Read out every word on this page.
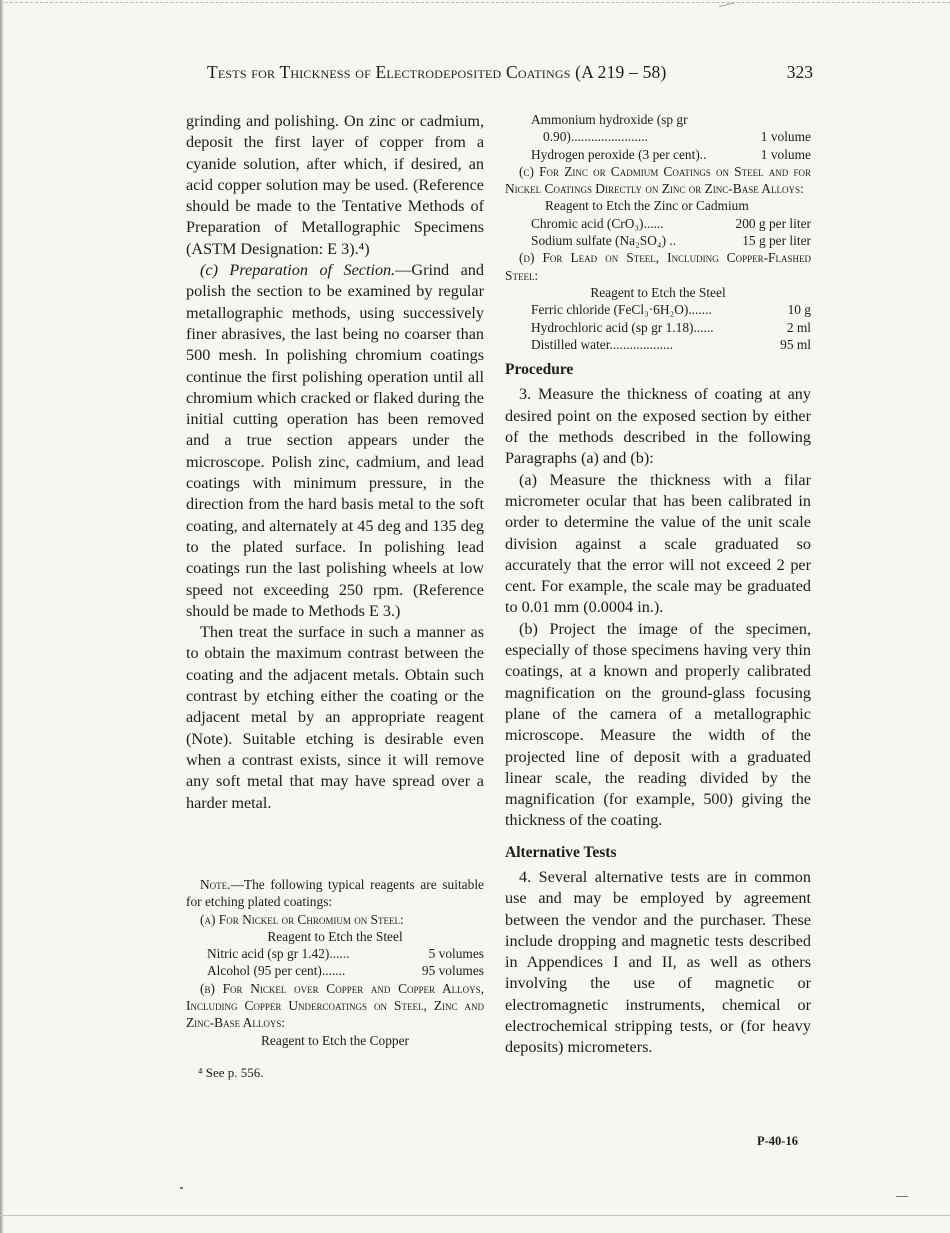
Tests for Thickness of Electrodeposited Coatings (A 219 – 58)	323

grinding and polishing. On zinc or cadmium, deposit the first layer of copper from a cyanide solution, after which, if desired, an acid copper solution may be used. (Reference should be made to the Tentative Methods of Preparation of Metallographic Specimens (ASTM Designation: E 3).⁴)

(c) Preparation of Section.—Grind and polish the section to be examined by regular metallographic methods, using successively finer abrasives, the last being no coarser than 500 mesh. In polishing chromium coatings continue the first polishing operation until all chromium which cracked or flaked during the initial cutting operation has been removed and a true section appears under the microscope. Polish zinc, cadmium, and lead coatings with minimum pressure, in the direction from the hard basis metal to the soft coating, and alternately at 45 deg and 135 deg to the plated surface. In polishing lead coatings run the last polishing wheels at low speed not exceeding 250 rpm. (Reference should be made to Methods E 3.)

Then treat the surface in such a manner as to obtain the maximum contrast between the coating and the adjacent metals. Obtain such contrast by etching either the coating or the adjacent metal by an appropriate reagent (Note). Suitable etching is desirable even when a contrast exists, since it will remove any soft metal that may have spread over a harder metal.

Note.—The following typical reagents are suitable for etching plated coatings:

(a) For Nickel or Chromium on Steel:

Reagent to Etch the Steel

Nitric acid (sp gr 1.42)......	5 volumes
Alcohol (95 per cent).......	95 volumes

(b) For Nickel over Copper and Copper Alloys, Including Copper Undercoatings on Steel, Zinc and Zinc-Base Alloys:

Reagent to Etch the Copper

⁴ See p. 556.
Ammonium hydroxide (sp gr
0.90).......................	1 volume
Hydrogen peroxide (3 per cent)..	1 volume

(c) For Zinc or Cadmium Coatings on Steel and for Nickel Coatings Directly on Zinc or Zinc-Base Alloys:

Reagent to Etch the Zinc or Cadmium

Chromic acid (CrO₃)......	200 g per liter
Sodium sulfate (Na₂SO₄) ..	15 g per liter

(d) For Lead on Steel, Including Copper-Flashed Steel:

Reagent to Etch the Steel

Ferric chloride (FeCl₃·6H₂O).......	10 g
Hydrochloric acid (sp gr 1.18)......	2 ml
Distilled water...................	95 ml
Procedure

3. Measure the thickness of coating at any desired point on the exposed section by either of the methods described in the following Paragraphs (a) and (b):

(a) Measure the thickness with a filar micrometer ocular that has been calibrated in order to determine the value of the unit scale division against a scale graduated so accurately that the error will not exceed 2 per cent. For example, the scale may be graduated to 0.01 mm (0.0004 in.).

(b) Project the image of the specimen, especially of those specimens having very thin coatings, at a known and properly calibrated magnification on the ground-glass focusing plane of the camera of a metallographic microscope. Measure the width of the projected line of deposit with a graduated linear scale, the reading divided by the magnification (for example, 500) giving the thickness of the coating.

Alternative Tests

4. Several alternative tests are in common use and may be employed by agreement between the vendor and the purchaser. These include dropping and magnetic tests described in Appendices I and II, as well as others involving the use of magnetic or electromagnetic instruments, chemical or electrochemical stripping tests, or (for heavy deposits) micrometers.

P-40-16
